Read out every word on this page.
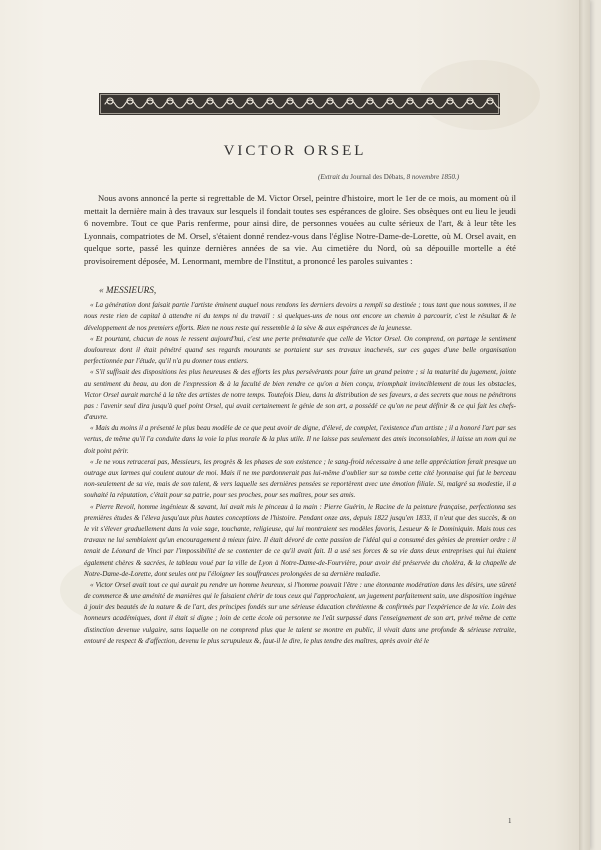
VICTOR ORSEL
(Extrait du Journal des Débats, 8 novembre 1850.)

Nous avons annoncé la perte si regrettable de M. Victor Orsel, peintre d'histoire, mort le 1er de ce mois, au moment où il mettait la dernière main à des travaux sur lesquels il fondait toutes ses espérances de gloire. Ses obsèques ont eu lieu le jeudi 6 novembre. Tout ce que Paris renferme, pour ainsi dire, de personnes vouées au culte sérieux de l'art, & à leur tête les Lyonnais, compatriotes de M. Orsel, s'étaient donné rendez-vous dans l'église Notre-Dame-de-Lorette, où M. Orsel avait, en quelque sorte, passé les quinze dernières années de sa vie. Au cimetière du Nord, où sa dépouille mortelle a été provisoirement déposée, M. Lenormant, membre de l'Institut, a prononcé les paroles suivantes :

« MESSIEURS,

« La génération dont faisait partie l'artiste éminent auquel nous rendons les derniers devoirs a rempli sa destinée ; tous tant que nous sommes, il ne nous reste rien de capital à attendre ni du temps ni du travail : si quelques-uns de nous ont encore un chemin à parcourir, c'est le résultat & le développement de nos premiers efforts. Rien ne nous reste qui ressemble à la sève & aux espérances de la jeunesse.

« Et pourtant, chacun de nous le ressent aujourd'hui, c'est une perte prématurée que celle de Victor Orsel. On comprend, on partage le sentiment douloureux dont il était pénétré quand ses regards mourants se portaient sur ses travaux inachevés, sur ces gages d'une belle organisation perfectionnée par l'étude, qu'il n'a pu donner tous entiers.

« S'il suffisait des dispositions les plus heureuses & des efforts les plus persévérants pour faire un grand peintre ; si la maturité du jugement, jointe au sentiment du beau, au don de l'expression & à la faculté de bien rendre ce qu'on a bien conçu, triomphait invinciblement de tous les obstacles, Victor Orsel aurait marché à la tête des artistes de notre temps. Toutefois Dieu, dans la distribution de ses faveurs, a des secrets que nous ne pénétrons pas : l'avenir seul dira jusqu'à quel point Orsel, qui avait certainement le génie de son art, a possédé ce qu'on ne peut définir & ce qui fait les chefs-d'œuvre.

« Mais du moins il a présenté le plus beau modèle de ce que peut avoir de digne, d'élevé, de complet, l'existence d'un artiste ; il a honoré l'art par ses vertus, de même qu'il l'a conduite dans la voie la plus morale & la plus utile. Il ne laisse pas seulement des amis inconsolables, il laisse un nom qui ne doit point périr.

« Je ne vous retracerai pas, Messieurs, les progrès & les phases de son existence ; le sang-froid nécessaire à une telle appréciation ferait presque un outrage aux larmes qui coulent autour de moi. Mais il ne me pardonnerait pas lui-même d'oublier sur sa tombe cette cité lyonnaise qui fut le berceau non-seulement de sa vie, mais de son talent, & vers laquelle ses dernières pensées se reportèrent avec une émotion filiale. Si, malgré sa modestie, il a souhaité la réputation, c'était pour sa patrie, pour ses proches, pour ses maîtres, pour ses amis.

« Pierre Revoil, homme ingénieux & savant, lui avait mis le pinceau à la main : Pierre Guérin, le Racine de la peinture française, perfectionna ses premières études & l'éleva jusqu'aux plus hautes conceptions de l'histoire. Pendant onze ans, depuis 1822 jusqu'en 1833, il n'eut que des succès, & on le vit s'élever graduellement dans la voie sage, touchante, religieuse, qui lui montraient ses modèles favoris, Lesueur & le Dominiquin. Mais tous ces travaux ne lui semblaient qu'un encouragement à mieux faire. Il était dévoré de cette passion de l'idéal qui a consumé des génies de premier ordre : il tenait de Léonard de Vinci par l'impossibilité de se contenter de ce qu'il avait fait. Il a usé ses forces & sa vie dans deux entreprises qui lui étaient également chères & sacrées, le tableau voué par la ville de Lyon à Notre-Dame-de-Fourvière, pour avoir été préservée du choléra, & la chapelle de Notre-Dame-de-Lorette, dont seules ont pu l'éloigner les souffrances prolongées de sa dernière maladie.

« Victor Orsel avait tout ce qui aurait pu rendre un homme heureux, si l'homme pouvait l'être : une étonnante modération dans les désirs, une sûreté de commerce & une aménité de manières qui le faisaient chérir de tous ceux qui l'approchaient, un jugement parfaitement sain, une disposition ingénue à jouir des beautés de la nature & de l'art, des principes fondés sur une sérieuse éducation chrétienne & confirmés par l'expérience de la vie. Loin des honneurs académiques, dont il était si digne ; loin de cette école où personne ne l'eût surpassé dans l'enseignement de son art, privé même de cette distinction devenue vulgaire, sans laquelle on ne comprend plus que le talent se montre en public, il vivait dans une profonde & sérieuse retraite, entouré de respect & d'affection, devenu le plus scrupuleux &, faut-il le dire, le plus tendre des maîtres, après avoir été le

1
